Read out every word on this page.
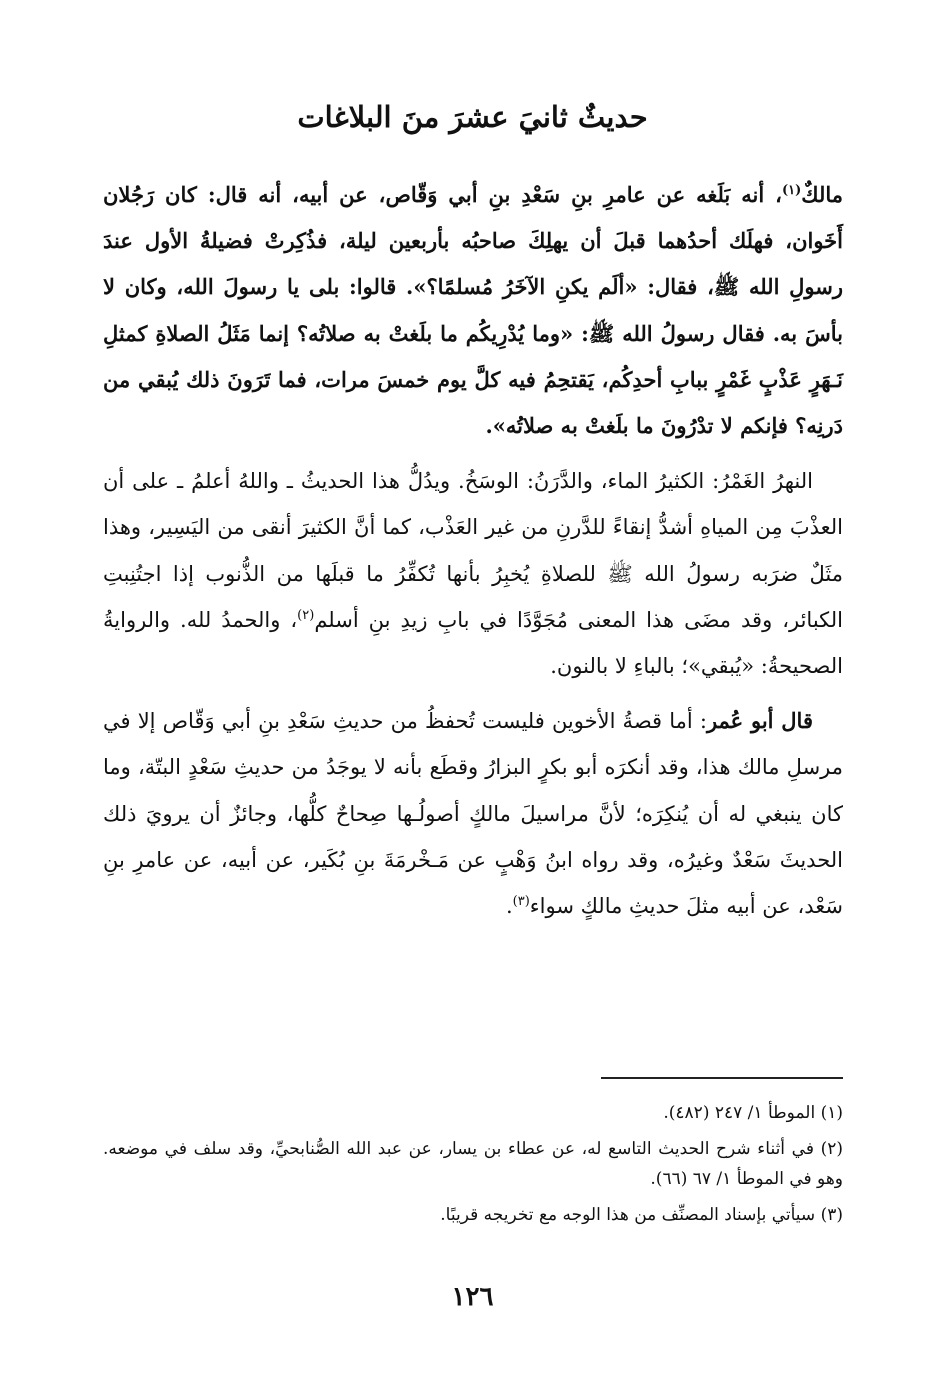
حديثٌ ثانيَ عشرَ منَ البلاغات

مالكٌ$^{(١)}$، أنه بَلَغه عن عامرِ بنِ سَعْدِ بنِ أبي وَقّاص، عن أبيه، أنه قال: كان رَجُلان أَخَوان، فهلَك أحدُهما قبلَ أن يهلِكَ صاحبُه بأربعين ليلة، فذُكِرتْ فضيلةُ الأول عندَ رسولِ الله ﷺ، فقال: «ألَم يكنِ الآخَرُ مُسلمًا؟». قالوا: بلى يا رسولَ الله، وكان لا بأسَ به. فقال رسولُ الله ﷺ: «وما يُدْرِيكُم ما بلَغتْ به صلاتُه؟ إنما مَثَلُ الصلاةِ كمثلِ نَـهَرٍ عَذْبٍ غَمْرٍ ببابِ أحدِكُم، يَقتحِمُ فيه كلَّ يوم خمسَ مرات، فما تَرَونَ ذلك يُبقي من دَرنِه؟ فإنكم لا تدْرُونَ ما بلَغتْ به صلاتُه».

النهرُ الغَمْرُ: الكثيرُ الماء، والدَّرَنُ: الوسَخُ. ويدُلُّ هذا الحديثُ ـ واللهُ أعلمُ ـ على أن العذْبَ مِن المياهِ أشدُّ إنقاءً للدَّرنِ من غير العَذْب، كما أنَّ الكثيرَ أنقى من اليَسِير، وهذا مثَلٌ ضرَبه رسولُ الله ﷺ للصلاةِ يُخبِرُ بأنها تُكفِّرُ ما قبلَها من الذُّنوب إذا اجتُنِبتِ الكبائر، وقد مضَى هذا المعنى مُجَوَّدًا في بابِ زيدِ بنِ أسلم$^{(٢)}$، والحمدُ لله. والروايةُ الصحيحةُ: «يُبقي»؛ بالباءِ لا بالنون.

قال أبو عُمر: أما قصةُ الأخوين فليست تُحفظُ من حديثِ سَعْدِ بنِ أبي وَقّاص إلا في مرسلِ مالك هذا، وقد أنكرَه أبو بكرٍ البزارُ وقطَع بأنه لا يوجَدُ من حديثِ سَعْدٍ البتّة، وما كان ينبغي له أن يُنكِرَه؛ لأنَّ مراسيلَ مالكٍ أصولُـها صِحاحٌ كلُّها، وجائزٌ أن يرويَ ذلك الحديثَ سَعْدٌ وغيرُه، وقد رواه ابنُ وَهْبٍ عن مَـخْرمَةَ بنِ بُكَير، عن أبيه، عن عامرِ بنِ سَعْد، عن أبيه مثلَ حديثِ مالكٍ سواء$^{(٣)}$.

(١) الموطأ ١/ ٢٤٧ (٤٨٢).

(٢) في أثناء شرح الحديث التاسع له، عن عطاء بن يسار، عن عبد الله الصُّنابحيِّ، وقد سلف في موضعه. وهو في الموطأ ١/ ٦٧ (٦٦).

(٣) سيأتي بإسناد المصنِّف من هذا الوجه مع تخريجه قريبًا.

١٢٦
